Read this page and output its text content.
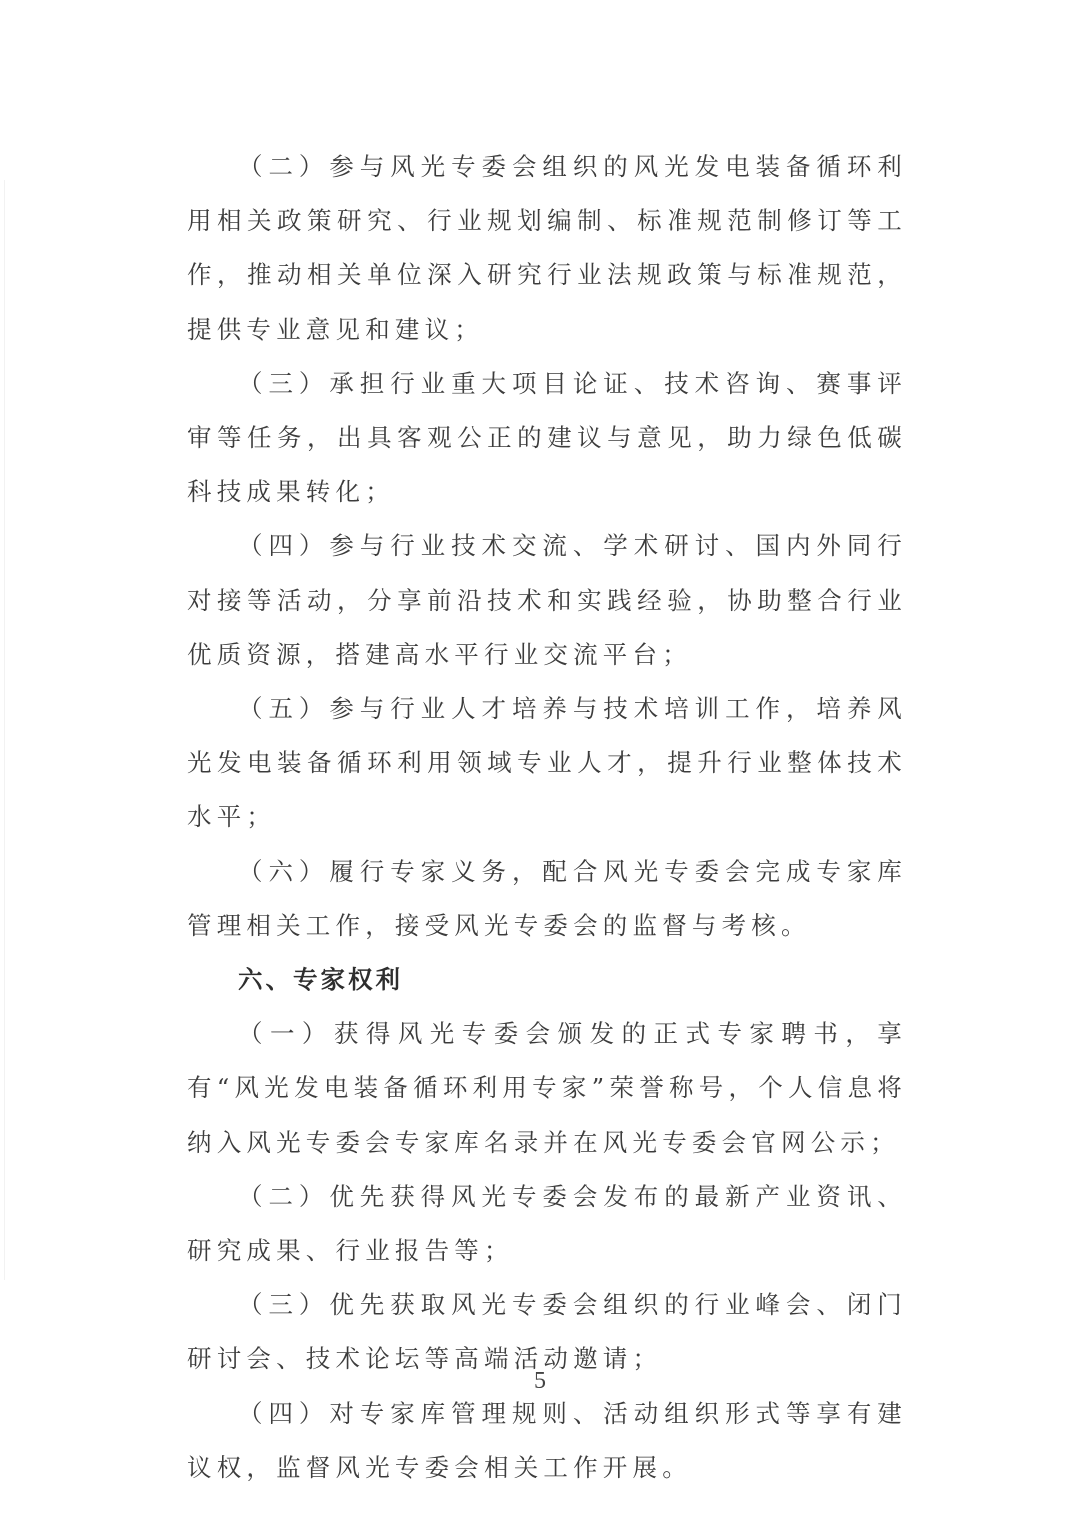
（二）参与风光专委会组织的风光发电装备循环利用相关政策研究、行业规划编制、标准规范制修订等工作，推动相关单位深入研究行业法规政策与标准规范，提供专业意见和建议；

（三）承担行业重大项目论证、技术咨询、赛事评审等任务，出具客观公正的建议与意见，助力绿色低碳科技成果转化；

（四）参与行业技术交流、学术研讨、国内外同行对接等活动，分享前沿技术和实践经验，协助整合行业优质资源，搭建高水平行业交流平台；

（五）参与行业人才培养与技术培训工作，培养风光发电装备循环利用领域专业人才，提升行业整体技术水平；

（六）履行专家义务，配合风光专委会完成专家库管理相关工作，接受风光专委会的监督与考核。

六、专家权利

（一）获得风光专委会颁发的正式专家聘书，享有“风光发电装备循环利用专家”荣誉称号，个人信息将纳入风光专委会专家库名录并在风光专委会官网公示；

（二）优先获得风光专委会发布的最新产业资讯、研究成果、行业报告等；

（三）优先获取风光专委会组织的行业峰会、闭门研讨会、技术论坛等高端活动邀请；

（四）对专家库管理规则、活动组织形式等享有建议权，监督风光专委会相关工作开展。

5
